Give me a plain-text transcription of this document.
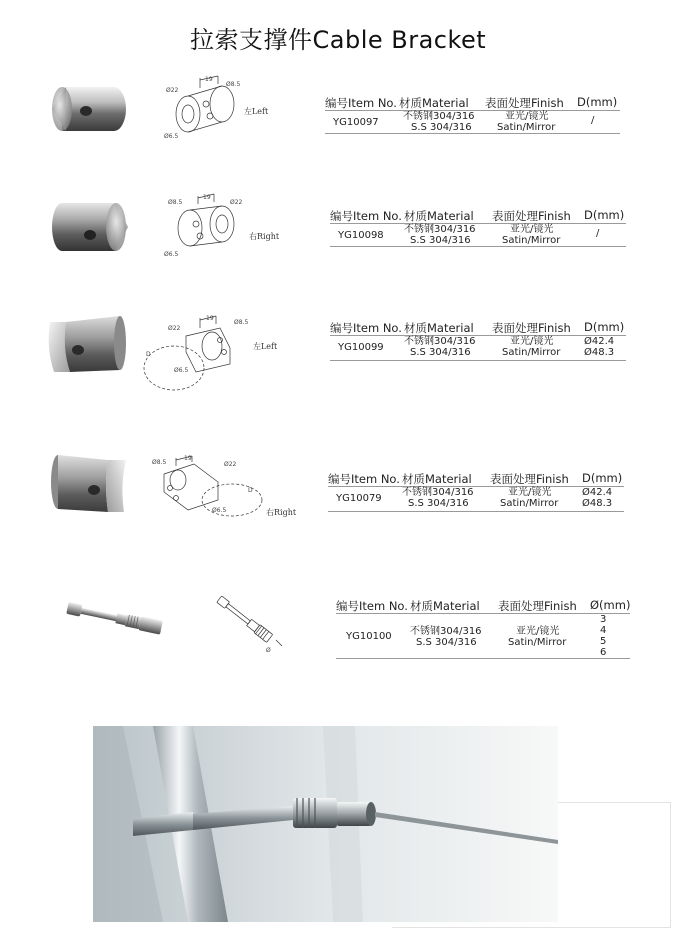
拉索支撑件Cable Bracket
Ø22
19
Ø8.5
Ø6.5
左Left
编号Item No. 材质Material 表面处理Finish D(mm)
YG10097
不锈钢304/316
S.S 304/316
亚光/镜光
Satin/Mirror
/
Ø8.5
19
Ø22
Ø6.5
右Right
编号Item No. 材质Material 表面处理Finish D(mm)
YG10098
不锈钢304/316
S.S 304/316
亚光/镜光
Satin/Mirror
/
Ø22
19
Ø8.5
Ø6.5
D
左Left
编号Item No. 材质Material 表面处理Finish D(mm)
YG10099
不锈钢304/316
S.S 304/316
亚光/镜光
Satin/Mirror
Ø42.4
Ø48.3
Ø8.5
19
Ø22
Ø6.5
D
右Right
编号Item No. 材质Material 表面处理Finish D(mm)
YG10079
不锈钢304/316
S.S 304/316
亚光/镜光
Satin/Mirror
Ø42.4
Ø48.3
Ø
编号Item No. 材质Material 表面处理Finish Ø(mm)
YG10100 不锈钢304/316
S.S 304/316
亚光/镜光
Satin/Mirror
3
4
5
6
